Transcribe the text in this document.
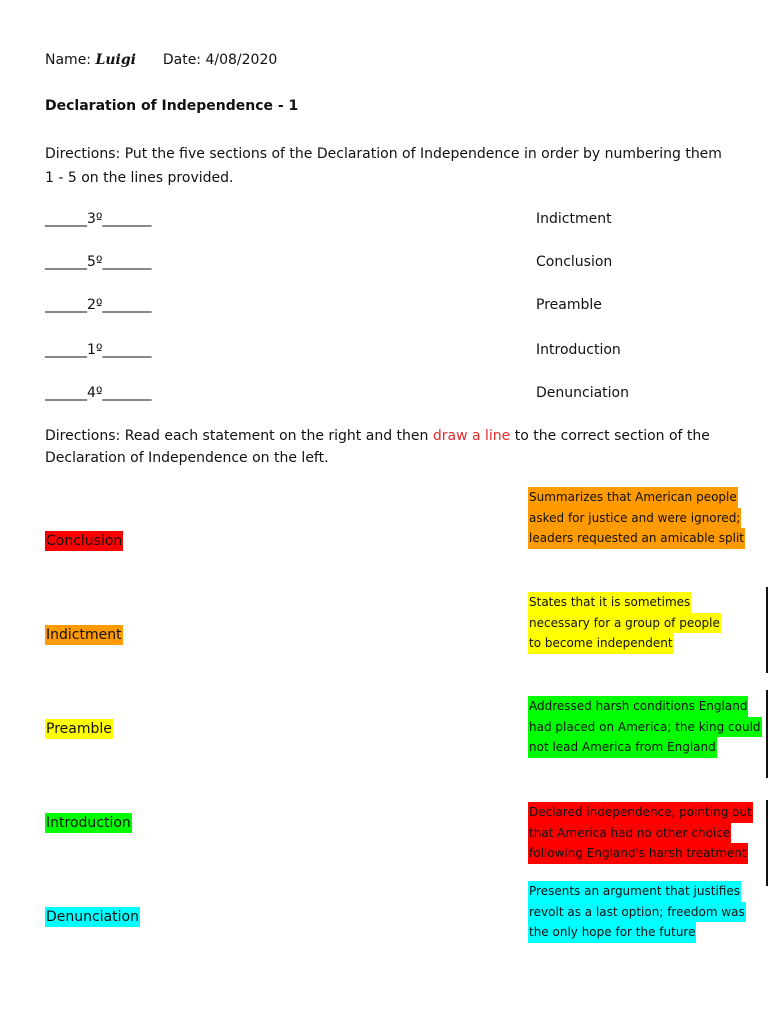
Name: Luigi Date: 4/08/2020
Declaration of Independence - 1
Directions: Put the five sections of the Declaration of Independence in order by numbering them 1 - 5 on the lines provided.
______3º_______	Indictment
______5º_______	Conclusion
______2º_______	Preamble
______1º_______	Introduction
______4º_______	Denunciation
Directions: Read each statement on the right and then draw a line to the correct section of the Declaration of Independence on the left.
Conclusion
Indictment
Preamble
Introduction
Denunciation
Summarizes that American people
asked for justice and were ignored;
leaders requested an amicable split
States that it is sometimes
necessary for a group of people
to become independent
Addressed harsh conditions England
had placed on America; the king could
not lead America from England
Declared independence, pointing out
that America had no other choice
following England's harsh treatment
Presents an argument that justifies
revolt as a last option; freedom was
the only hope for the future
